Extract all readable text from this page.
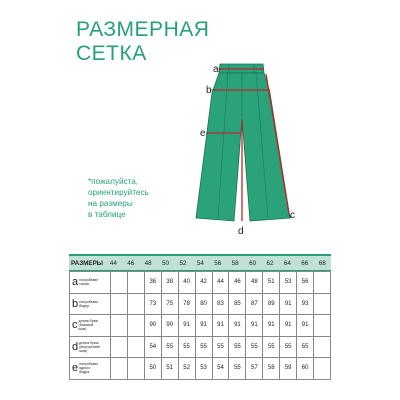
РАЗМЕРНАЯ
СЕТКА
a
b
e
c
d
*пожалуйста,
ориентируйтесь
на размеры
в таблице
РАЗМЕРЫ	44	46	48	50	52	54	56	58	60	62	64	66	68
aполуобхват талии			36	38	40	42	44	46	48	51	53	56	
bполуобхват бедер			73	75	78	80	83	85	87	89	91	93	
cдлина брюк (боковой шов)			90	90	91	91	91	91	91	91	91	91	
dдлина брюк (внутренний шов)			54	55	55	55	55	55	55	55	55	55	
eполуобхват одного бедра			50	51	52	53	54	55	57	58	59	60	
